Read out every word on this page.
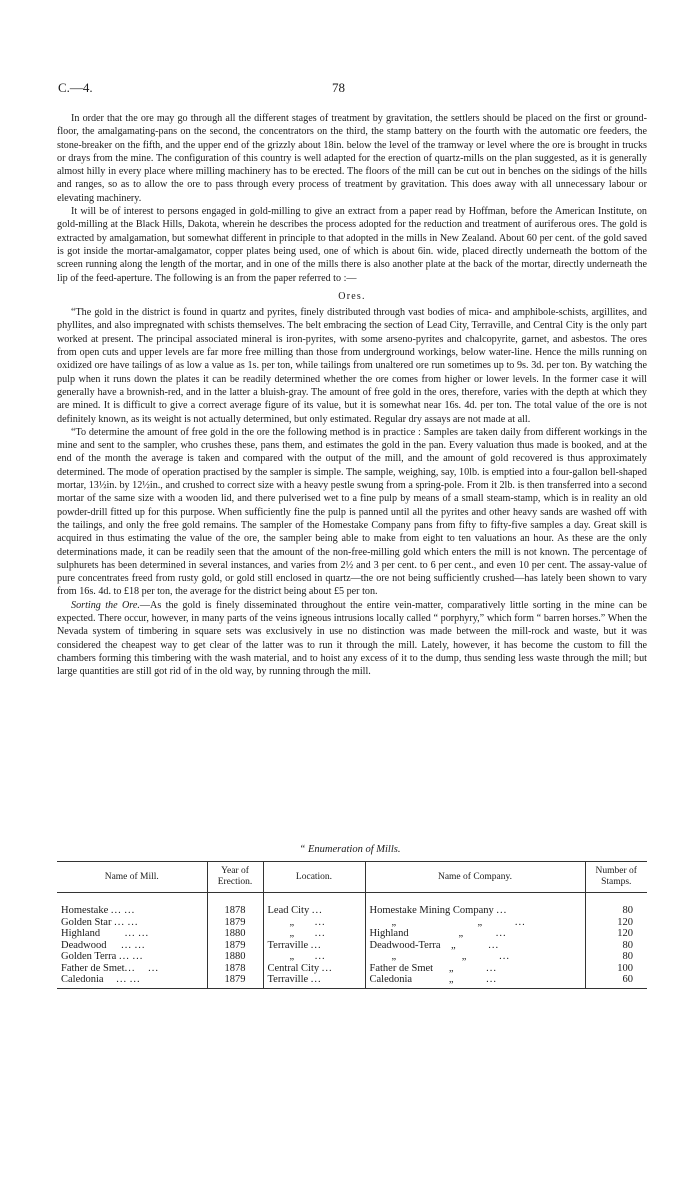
C.—4.	78

In order that the ore may go through all the different stages of treatment by gravitation, the settlers should be placed on the first or ground-floor, the amalgamating-pans on the second, the concentrators on the third, the stamp battery on the fourth with the automatic ore feeders, the stone-breaker on the fifth, and the upper end of the grizzly about 18in. below the level of the tramway or level where the ore is brought in trucks or drays from the mine. The configuration of this country is well adapted for the erection of quartz-mills on the plan suggested, as it is generally almost hilly in every place where milling machinery has to be erected. The floors of the mill can be cut out in benches on the sidings of the hills and ranges, so as to allow the ore to pass through every process of treatment by gravitation. This does away with all unnecessary labour or elevating machinery.

It will be of interest to persons engaged in gold-milling to give an extract from a paper read by Hoffman, before the American Institute, on gold-milling at the Black Hills, Dakota, wherein he describes the process adopted for the reduction and treatment of auriferous ores. The gold is extracted by amalgamation, but somewhat different in principle to that adopted in the mills in New Zealand. About 60 per cent. of the gold saved is got inside the mortar-amalgamator, copper plates being used, one of which is about 6in. wide, placed directly underneath the bottom of the screen running along the length of the mortar, and in one of the mills there is also another plate at the back of the mortar, directly underneath the lip of the feed-aperture. The following is an from the paper referred to :—

Ores.

“The gold in the district is found in quartz and pyrites, finely distributed through vast bodies of mica- and amphibole-schists, argillites, and phyllites, and also impregnated with schists themselves. The belt embracing the section of Lead City, Terraville, and Central City is the only part worked at present. The principal associated mineral is iron-pyrites, with some arseno-pyrites and chalcopyrite, garnet, and asbestos. The ores from open cuts and upper levels are far more free milling than those from underground workings, below water-line. Hence the mills running on oxidized ore have tailings of as low a value as 1s. per ton, while tailings from unaltered ore run sometimes up to 9s. 3d. per ton. By watching the pulp when it runs down the plates it can be readily determined whether the ore comes from higher or lower levels. In the former case it will generally have a brownish-red, and in the latter a bluish-gray. The amount of free gold in the ores, therefore, varies with the depth at which they are mined. It is difficult to give a correct average figure of its value, but it is somewhat near 16s. 4d. per ton. The total value of the ore is not definitely known, as its weight is not actually determined, but only estimated. Regular dry assays are not made at all.

“To determine the amount of free gold in the ore the following method is in practice : Samples are taken daily from different workings in the mine and sent to the sampler, who crushes these, pans them, and estimates the gold in the pan. Every valuation thus made is booked, and at the end of the month the average is taken and compared with the output of the mill, and the amount of gold recovered is thus approximately determined. The mode of operation practised by the sampler is simple. The sample, weighing, say, 10lb. is emptied into a four-gallon bell-shaped mortar, 13½in. by 12½in., and crushed to correct size with a heavy pestle swung from a spring-pole. From it 2lb. is then transferred into a second mortar of the same size with a wooden lid, and there pulverised wet to a fine pulp by means of a small steam-stamp, which is in reality an old powder-drill fitted up for this purpose. When sufficiently fine the pulp is panned until all the pyrites and other heavy sands are washed off with the tailings, and only the free gold remains. The sampler of the Homestake Company pans from fifty to fifty-five samples a day. Great skill is acquired in thus estimating the value of the ore, the sampler being able to make from eight to ten valuations an hour. As these are the only determinations made, it can be readily seen that the amount of the non-free-milling gold which enters the mill is not known. The percentage of sulphurets has been determined in several instances, and varies from 2½ and 3 per cent. to 6 per cent., and even 10 per cent. The assay-value of pure concentrates freed from rusty gold, or gold still enclosed in quartz—the ore not being sufficiently crushed—has lately been shown to vary from 16s. 4d. to £18 per ton, the average for the district being about £5 per ton.

Sorting the Ore.—As the gold is finely disseminated throughout the entire vein-matter, comparatively little sorting in the mine can be expected. There occur, however, in many parts of the veins igneous intrusions locally called “ porphyry,” which form “ barren horses.” When the Nevada system of timbering in square sets was exclusively in use no distinction was made between the mill-rock and waste, but it was considered the cheapest way to get clear of the latter was to run it through the mill. Lately, however, it has become the custom to fill the chambers forming this timbering with the wash material, and to hoist any excess of it to the dump, thus sending less waste through the mill; but large quantities are still got rid of in the old way, by running through the mill.

“ Enumeration of Mills.
Name of Mill.	Year of Erection.	Location.	Name of Company.	Number of Stamps.

Homestake ... ...	1878	Lead City ...	Homestake Mining Company ...	80
Golden Star ... ...	1879	„ ...	„                               „ ...	120
Highland ... ...	1880	„ ...	Highland                   „ ...	120
Deadwood ... ...	1879	Terraville ...	Deadwood-Terra    „ ...	80
Golden Terra ... ...	1880	„ ...	„                         „ ...	80
Father de Smet... ...	1878	Central City ...	Father de Smet      „ ...	100
Caledonia ... ...	1879	Terraville ...	Caledonia              „ ...	60
